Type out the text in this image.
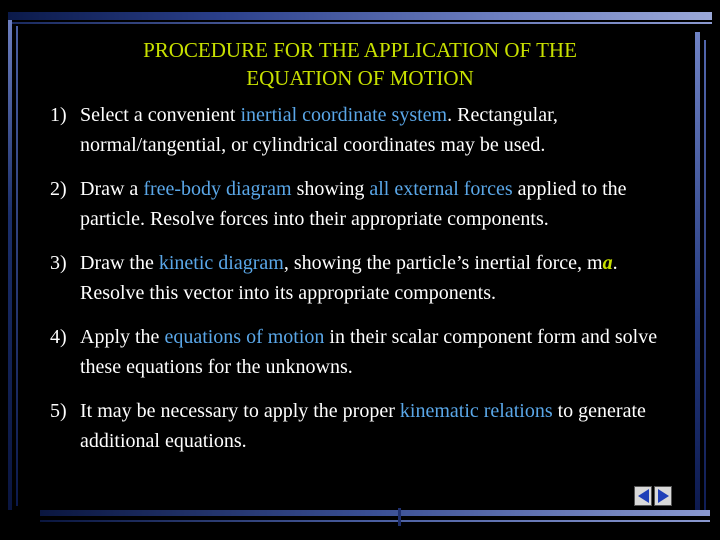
PROCEDURE FOR THE APPLICATION OF THE
EQUATION OF MOTION
1) Select a convenient inertial coordinate system. Rectangular, normal/tangential, or cylindrical coordinates may be used.
2) Draw a free-body diagram showing all external forces applied to the particle. Resolve forces into their appropriate components.
3) Draw the kinetic diagram, showing the particle’s inertial force, ma. Resolve this vector into its appropriate components.
4) Apply the equations of motion in their scalar component form and solve these equations for the unknowns.
5) It may be necessary to apply the proper kinematic relations to generate additional equations.
